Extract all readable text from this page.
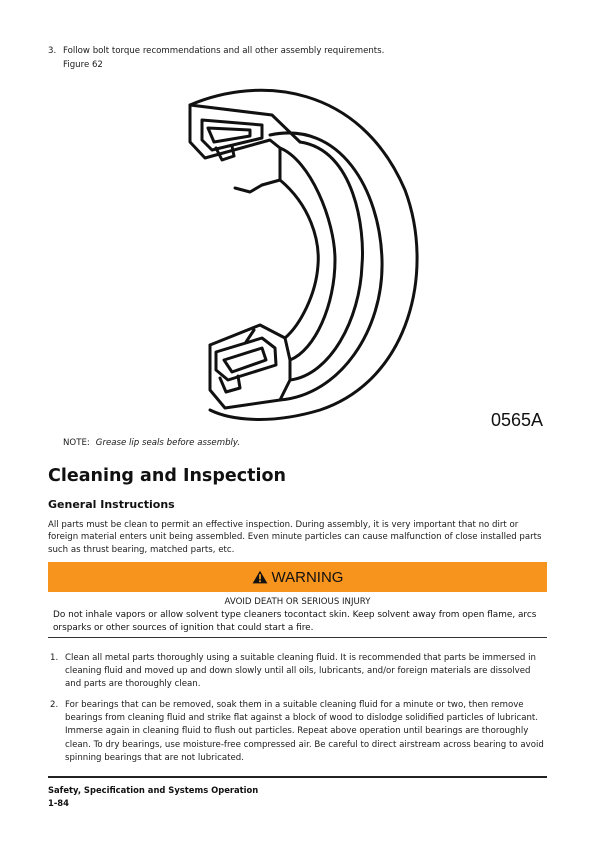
3. Follow bolt torque recommendations and all other assembly requirements.
Figure 62
0565A
NOTE: Grease lip seals before assembly.
Cleaning and Inspection
General Instructions
All parts must be clean to permit an effective inspection. During assembly, it is very important that no dirt or foreign material enters unit being assembled. Even minute particles can cause malfunction of close installed parts such as thrust bearing, matched parts, etc.
WARNING
AVOID DEATH OR SERIOUS INJURY
Do not inhale vapors or allow solvent type cleaners tocontact skin. Keep solvent away from open flame, arcs orsparks or other sources of ignition that could start a fire.
1. Clean all metal parts thoroughly using a suitable cleaning fluid. It is recommended that parts be immersed in cleaning fluid and moved up and down slowly until all oils, lubricants, and/or foreign materials are dissolved and parts are thoroughly clean.
2. For bearings that can be removed, soak them in a suitable cleaning fluid for a minute or two, then remove bearings from cleaning fluid and strike flat against a block of wood to dislodge solidified particles of lubricant. Immerse again in cleaning fluid to flush out particles. Repeat above operation until bearings are thoroughly clean. To dry bearings, use moisture-free compressed air. Be careful to direct airstream across bearing to avoid spinning bearings that are not lubricated.
Safety, Specification and Systems Operation
1-84
